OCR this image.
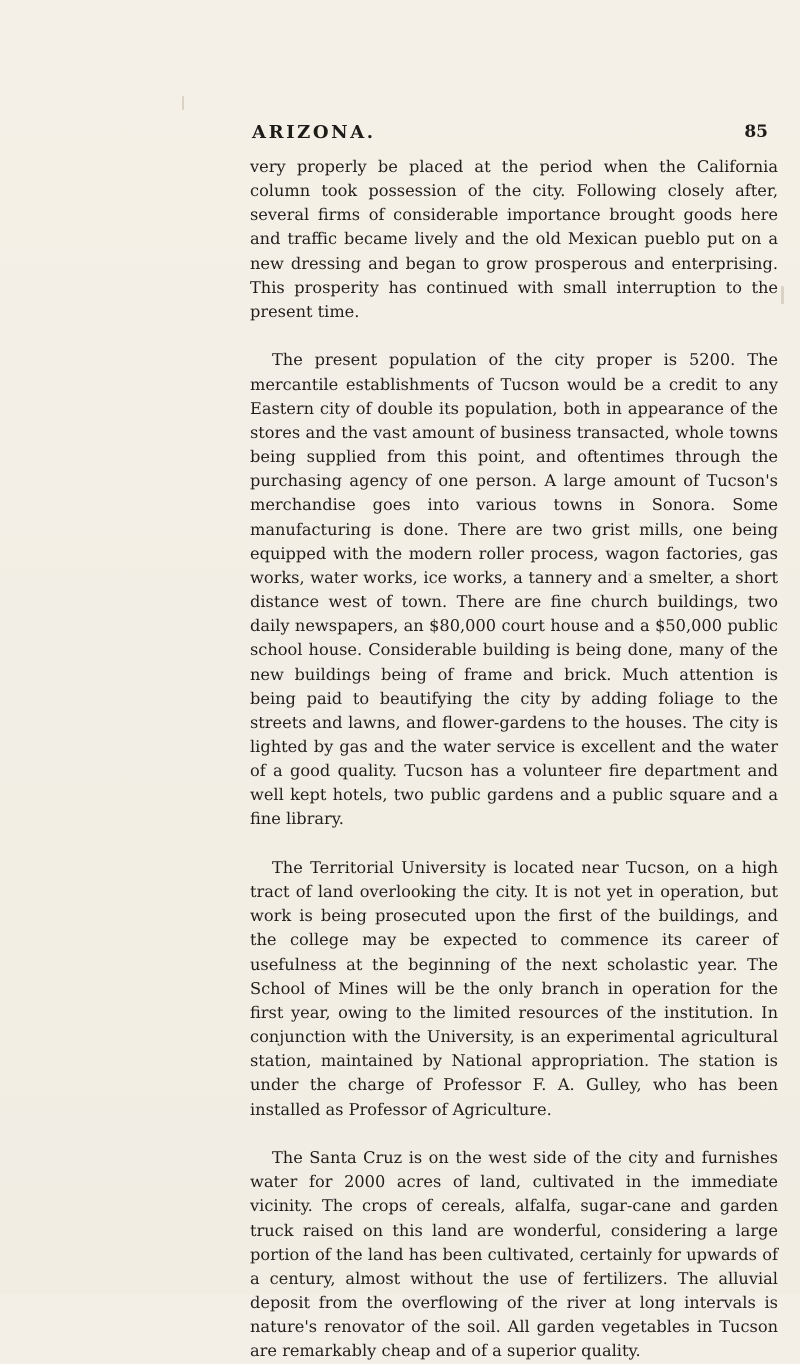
ARIZONA.	85

very properly be placed at the period when the California column took possession of the city. Following closely after, several firms of considerable importance brought goods here and traffic became lively and the old Mexican pueblo put on a new dressing and began to grow prosperous and enterprising. This prosperity has continued with small interruption to the present time.

The present population of the city proper is 5200. The mercantile establishments of Tucson would be a credit to any Eastern city of double its population, both in appearance of the stores and the vast amount of business transacted, whole towns being supplied from this point, and oftentimes through the purchasing agency of one person. A large amount of Tucson's merchandise goes into various towns in Sonora. Some manufacturing is done. There are two grist mills, one being equipped with the modern roller process, wagon factories, gas works, water works, ice works, a tannery and a smelter, a short distance west of town. There are fine church buildings, two daily newspapers, an $80,000 court house and a $50,000 public school house. Considerable building is being done, many of the new buildings being of frame and brick. Much attention is being paid to beautifying the city by adding foliage to the streets and lawns, and flower-gardens to the houses. The city is lighted by gas and the water service is excellent and the water of a good quality. Tucson has a volunteer fire department and well kept hotels, two public gardens and a public square and a fine library.

The Territorial University is located near Tucson, on a high tract of land overlooking the city. It is not yet in operation, but work is being prosecuted upon the first of the buildings, and the college may be expected to commence its career of usefulness at the beginning of the next scholastic year. The School of Mines will be the only branch in operation for the first year, owing to the limited resources of the institution. In conjunction with the University, is an experimental agricultural station, maintained by National appropriation. The station is under the charge of Professor F. A. Gulley, who has been installed as Professor of Agriculture.

The Santa Cruz is on the west side of the city and furnishes water for 2000 acres of land, cultivated in the immediate vicinity. The crops of cereals, alfalfa, sugar-cane and garden truck raised on this land are wonderful, considering a large portion of the land has been cultivated, certainly for upwards of a century, almost without the use of fertilizers. The alluvial deposit from the overflowing of the river at long intervals is nature's renovator of the soil. All garden vegetables in Tucson are remarkably cheap and of a superior quality.
